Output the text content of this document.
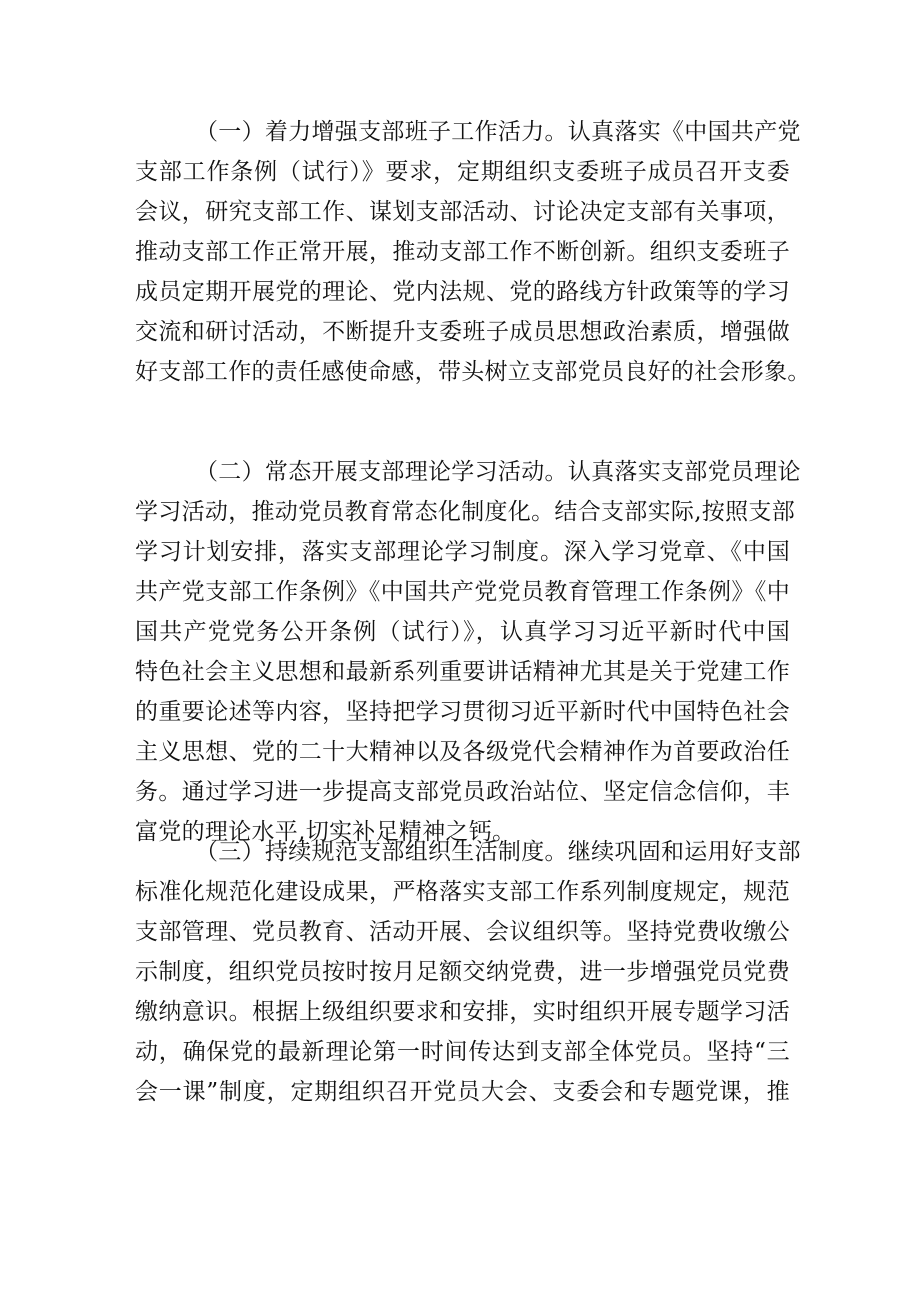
（一）着力增强支部班子工作活力。认真落实《中国共产党
支部工作条例（试行）》要求，定期组织支委班子成员召开支委
会议，研究支部工作、谋划支部活动、讨论决定支部有关事项，
推动支部工作正常开展，推动支部工作不断创新。组织支委班子
成员定期开展党的理论、党内法规、党的路线方针政策等的学习
交流和研讨活动，不断提升支委班子成员思想政治素质，增强做
好支部工作的责任感使命感，带头树立支部党员良好的社会形象。
（二）常态开展支部理论学习活动。认真落实支部党员理论
学习活动，推动党员教育常态化制度化。结合支部实际,按照支部
学习计划安排，落实支部理论学习制度。深入学习党章、《中国
共产党支部工作条例》《中国共产党党员教育管理工作条例》《中
国共产党党务公开条例（试行）》，认真学习习近平新时代中国
特色社会主义思想和最新系列重要讲话精神尤其是关于党建工作
的重要论述等内容，坚持把学习贯彻习近平新时代中国特色社会
主义思想、党的二十大精神以及各级党代会精神作为首要政治任
务。通过学习进一步提高支部党员政治站位、坚定信念信仰，丰
富党的理论水平,切实补足精神之钙。
（三）持续规范支部组织生活制度。继续巩固和运用好支部
标准化规范化建设成果，严格落实支部工作系列制度规定，规范
支部管理、党员教育、活动开展、会议组织等。坚持党费收缴公
示制度，组织党员按时按月足额交纳党费，进一步增强党员党费
缴纳意识。根据上级组织要求和安排，实时组织开展专题学习活
动，确保党的最新理论第一时间传达到支部全体党员。坚持“三
会一课”制度，定期组织召开党员大会、支委会和专题党课，推
